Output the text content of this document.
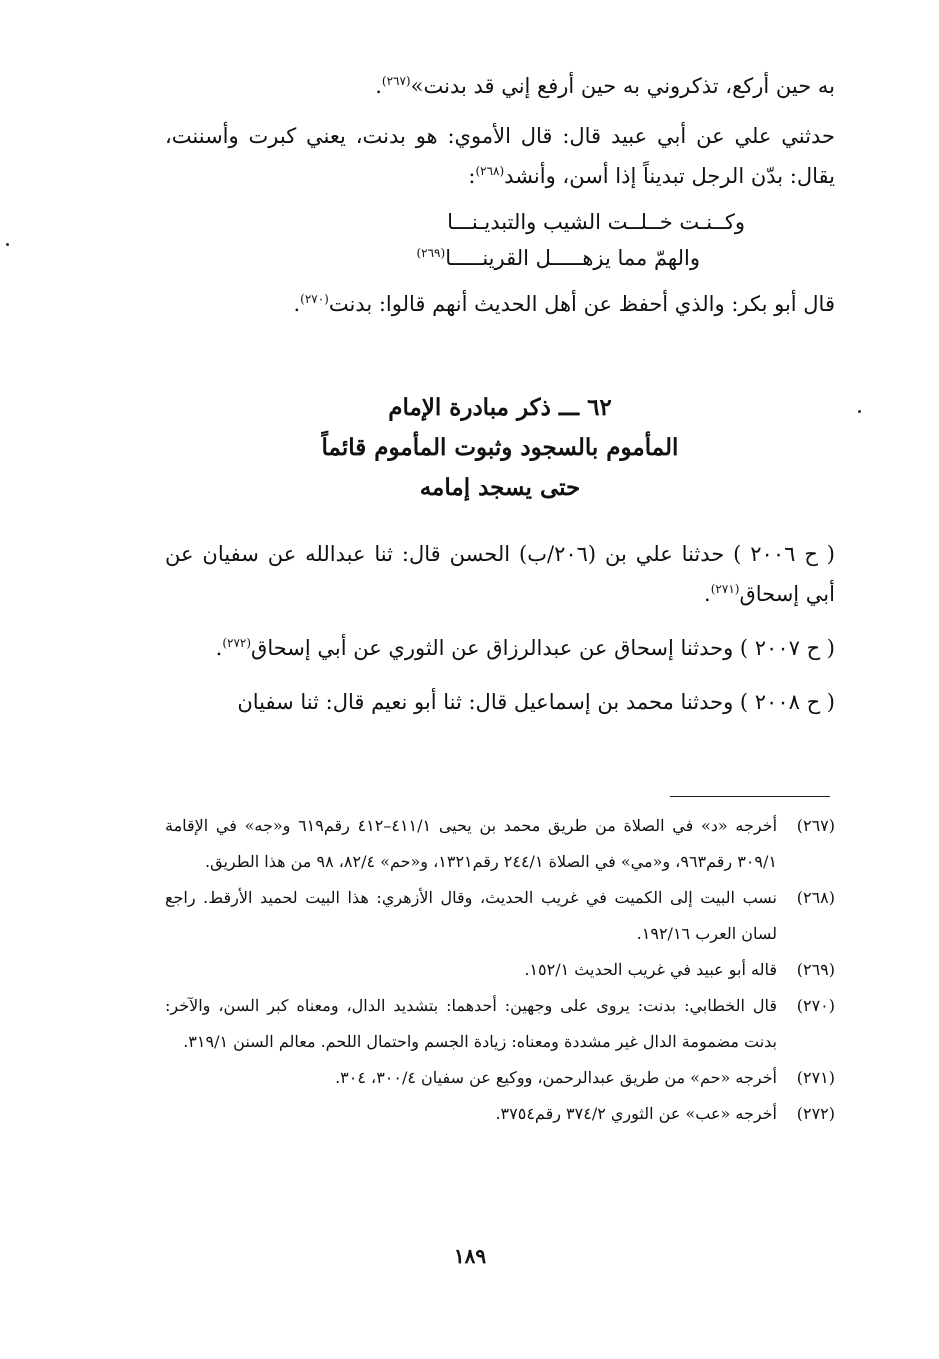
به حين أركع، تذكروني به حين أرفع إني قد بدنت»$^{(٢٦٧)}$.

حدثني علي عن أبي عبيد قال: قال الأموي: هو بدنت، يعني كبرت وأسننت، يقال: بدّن الرجل تبديناً إذا أسن، وأنشد$^{(٢٦٨)}$:

وكــنـت خــلــت الشيب والتبديـنـــا
والهمّ مما يزهـــــل القرينـــــا$^{(٢٦٩)}$

قال أبو بكر: والذي أحفظ عن أهل الحديث أنهم قالوا: بدنت$^{(٢٧٠)}$.

٦٢ ـــ ذكر مبادرة الإمام
المأموم بالسجود وثبوت المأموم قائماً
حتى يسجد إمامه

( ح ٢٠٠٦ ) حدثنا علي بن (٢٠٦/ب) الحسن قال: ثنا عبدالله عن سفيان عن أبي إسحاق$^{(٢٧١)}$.

( ح ٢٠٠٧ ) وحدثنا إسحاق عن عبدالرزاق عن الثوري عن أبي إسحاق$^{(٢٧٢)}$.

( ح ٢٠٠٨ ) وحدثنا محمد بن إسماعيل قال: ثنا أبو نعيم قال: ثنا سفيان

(٢٦٧)أخرجه «د» في الصلاة من طريق محمد بن يحيى ٤١١/١–٤١٢ رقم٦١٩ و«جه» في الإقامة ٣٠٩/١ رقم٩٦٣، و«مي» في الصلاة ٢٤٤/١ رقم١٣٢١، و«حم» ٨٢/٤، ٩٨ من هذا الطريق.

(٢٦٨)نسب البيت إلى الكميت في غريب الحديث، وقال الأزهري: هذا البيت لحميد الأرقط. راجع لسان العرب ١٩٢/١٦.

(٢٦٩)قاله أبو عبيد في غريب الحديث ١٥٢/١.

(٢٧٠)قال الخطابي: بدنت: يروى على وجهين: أحدهما: بتشديد الدال، ومعناه كبر السن، والآخر: بدنت مضمومة الدال غير مشددة ومعناه: زيادة الجسم واحتمال اللحم. معالم السنن ٣١٩/١.

(٢٧١)أخرجه «حم» من طريق عبدالرحمن، ووكيع عن سفيان ٣٠٠/٤، ٣٠٤.

(٢٧٢)أخرجه «عب» عن الثوري ٣٧٤/٢ رقم٣٧٥٤.

١٨٩
